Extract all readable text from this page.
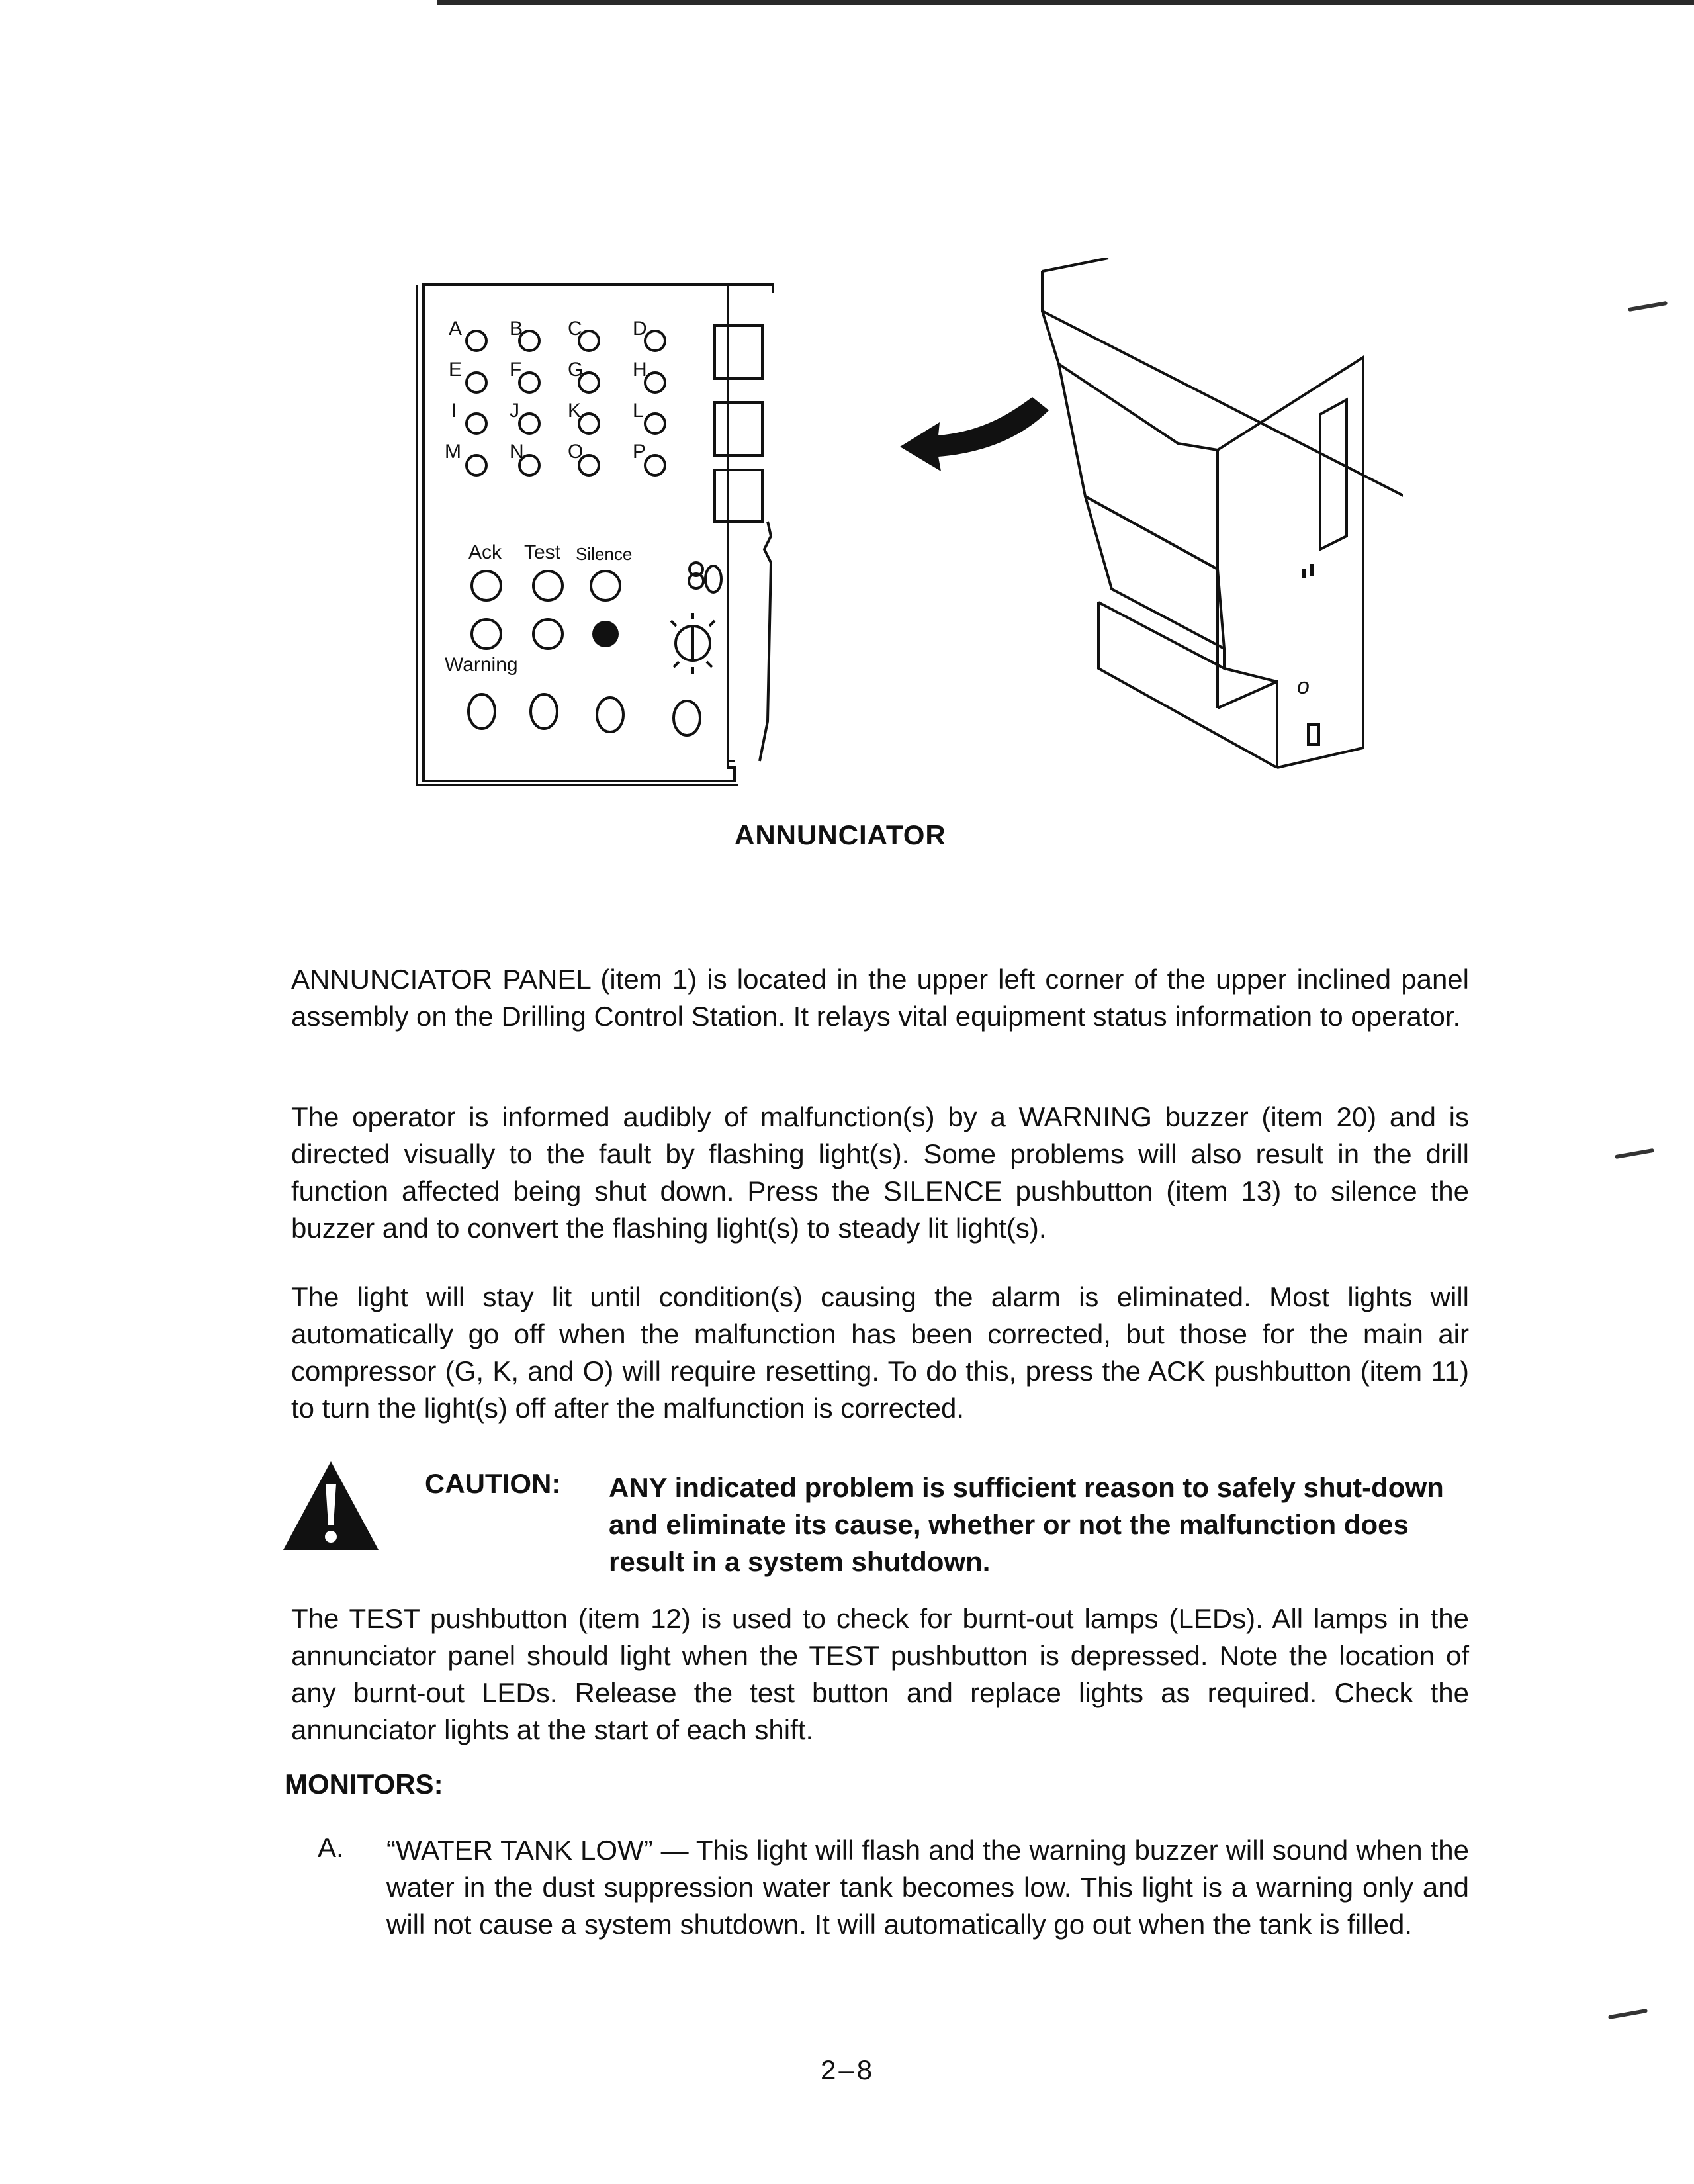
o
A B C	D
E F G H
I	J K	L
M N O P
Ack Test Silence
Warning
ANNUNCIATOR

ANNUNCIATOR PANEL (item 1) is located in the upper left corner of the upper inclined panel assembly on the Drilling Control Station. It relays vital equipment status information to operator.

The operator is informed audibly of malfunction(s) by a WARNING buzzer (item 20) and is directed visually to the fault by flashing light(s). Some problems will also result in the drill function affected being shut down. Press the SILENCE pushbutton (item 13) to silence the buzzer and to convert the flashing light(s) to steady lit light(s).

The light will stay lit until condition(s) causing the alarm is eliminated. Most lights will automatically go off when the malfunction has been corrected, but those for the main air compressor (G, K, and O) will require resetting. To do this, press the ACK pushbutton (item 11) to turn the light(s) off after the malfunction is corrected.

CAUTION: ANY indicated problem is sufficient reason to safely shut-down and eliminate its cause, whether or not the malfunction does result in a system shutdown.

The TEST pushbutton (item 12) is used to check for burnt-out lamps (LEDs). All lamps in the annunciator panel should light when the TEST pushbutton is depressed. Note the location of any burnt-out LEDs. Release the test button and replace lights as required. Check the annunciator lights at the start of each shift.

MONITORS:
A. “WATER TANK LOW” — This light will flash and the warning buzzer will sound when the water in the dust suppression water tank becomes low. This light is a warning only and will not cause a system shutdown. It will automatically go out when the tank is filled.

2–8
